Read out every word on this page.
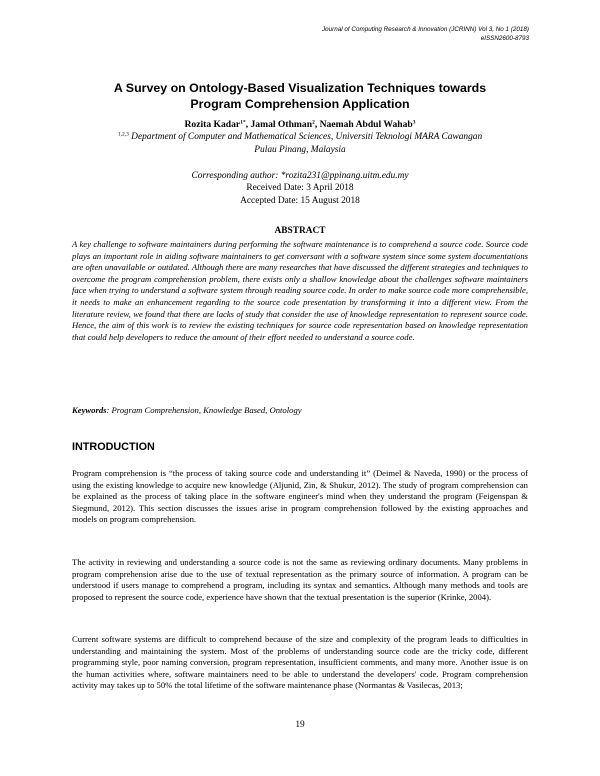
Journal of Computing Research & Innovation (JCRINN) Vol 3, No 1 (2018)
eISSN2600-8793
A Survey on Ontology-Based Visualization Techniques towards
Program Comprehension Application
Rozita Kadar$^{1*}$, Jamal Othman$^2$, Naemah Abdul Wahab$^3$
$^{1,2,3}$ Department of Computer and Mathematical Sciences, Universiti Teknologi MARA Cawangan
Pulau Pinang, Malaysia
Corresponding author: *rozita231@ppinang.uitm.edu.my
Received Date: 3 April 2018
Accepted Date: 15 August 2018
ABSTRACT
A key challenge to software maintainers during performing the software maintenance is to comprehend a source code. Source code plays an important role in aiding software maintainers to get conversant with a software system since some system documentations are often unavailable or outdated. Although there are many researches that have discussed the different strategies and techniques to overcome the program comprehension problem, there exists only a shallow knowledge about the challenges software maintainers face when trying to understand a software system through reading source code. In order to make source code more comprehensible, it needs to make an enhancement regarding to the source code presentation by transforming it into a different view. From the literature review, we found that there are lacks of study that consider the use of knowledge representation to represent source code. Hence, the aim of this work is to review the existing techniques for source code representation based on knowledge representation that could help developers to reduce the amount of their effort needed to understand a source code.
Keywords: Program Comprehension, Knowledge Based, Ontology
INTRODUCTION
Program comprehension is “the process of taking source code and understanding it” (Deimel & Naveda, 1990) or the process of using the existing knowledge to acquire new knowledge (Aljunid, Zin, & Shukur, 2012). The study of program comprehension can be explained as the process of taking place in the software engineer's mind when they understand the program (Feigenspan & Siegmund, 2012). This section discusses the issues arise in program comprehension followed by the existing approaches and models on program comprehension.
The activity in reviewing and understanding a source code is not the same as reviewing ordinary documents. Many problems in program comprehension arise due to the use of textual representation as the primary source of information. A program can be understood if users manage to comprehend a program, including its syntax and semantics. Although many methods and tools are proposed to represent the source code, experience have shown that the textual presentation is the superior (Krinke, 2004).
Current software systems are difficult to comprehend because of the size and complexity of the program leads to difficulties in understanding and maintaining the system. Most of the problems of understanding source code are the tricky code, different programming style, poor naming conversion, program representation, insufficient comments, and many more. Another issue is on the human activities where, software maintainers need to be able to understand the developers' code. Program comprehension activity may takes up to 50% the total lifetime of the software maintenance phase (Normantas & Vasilecas, 2013;
19
